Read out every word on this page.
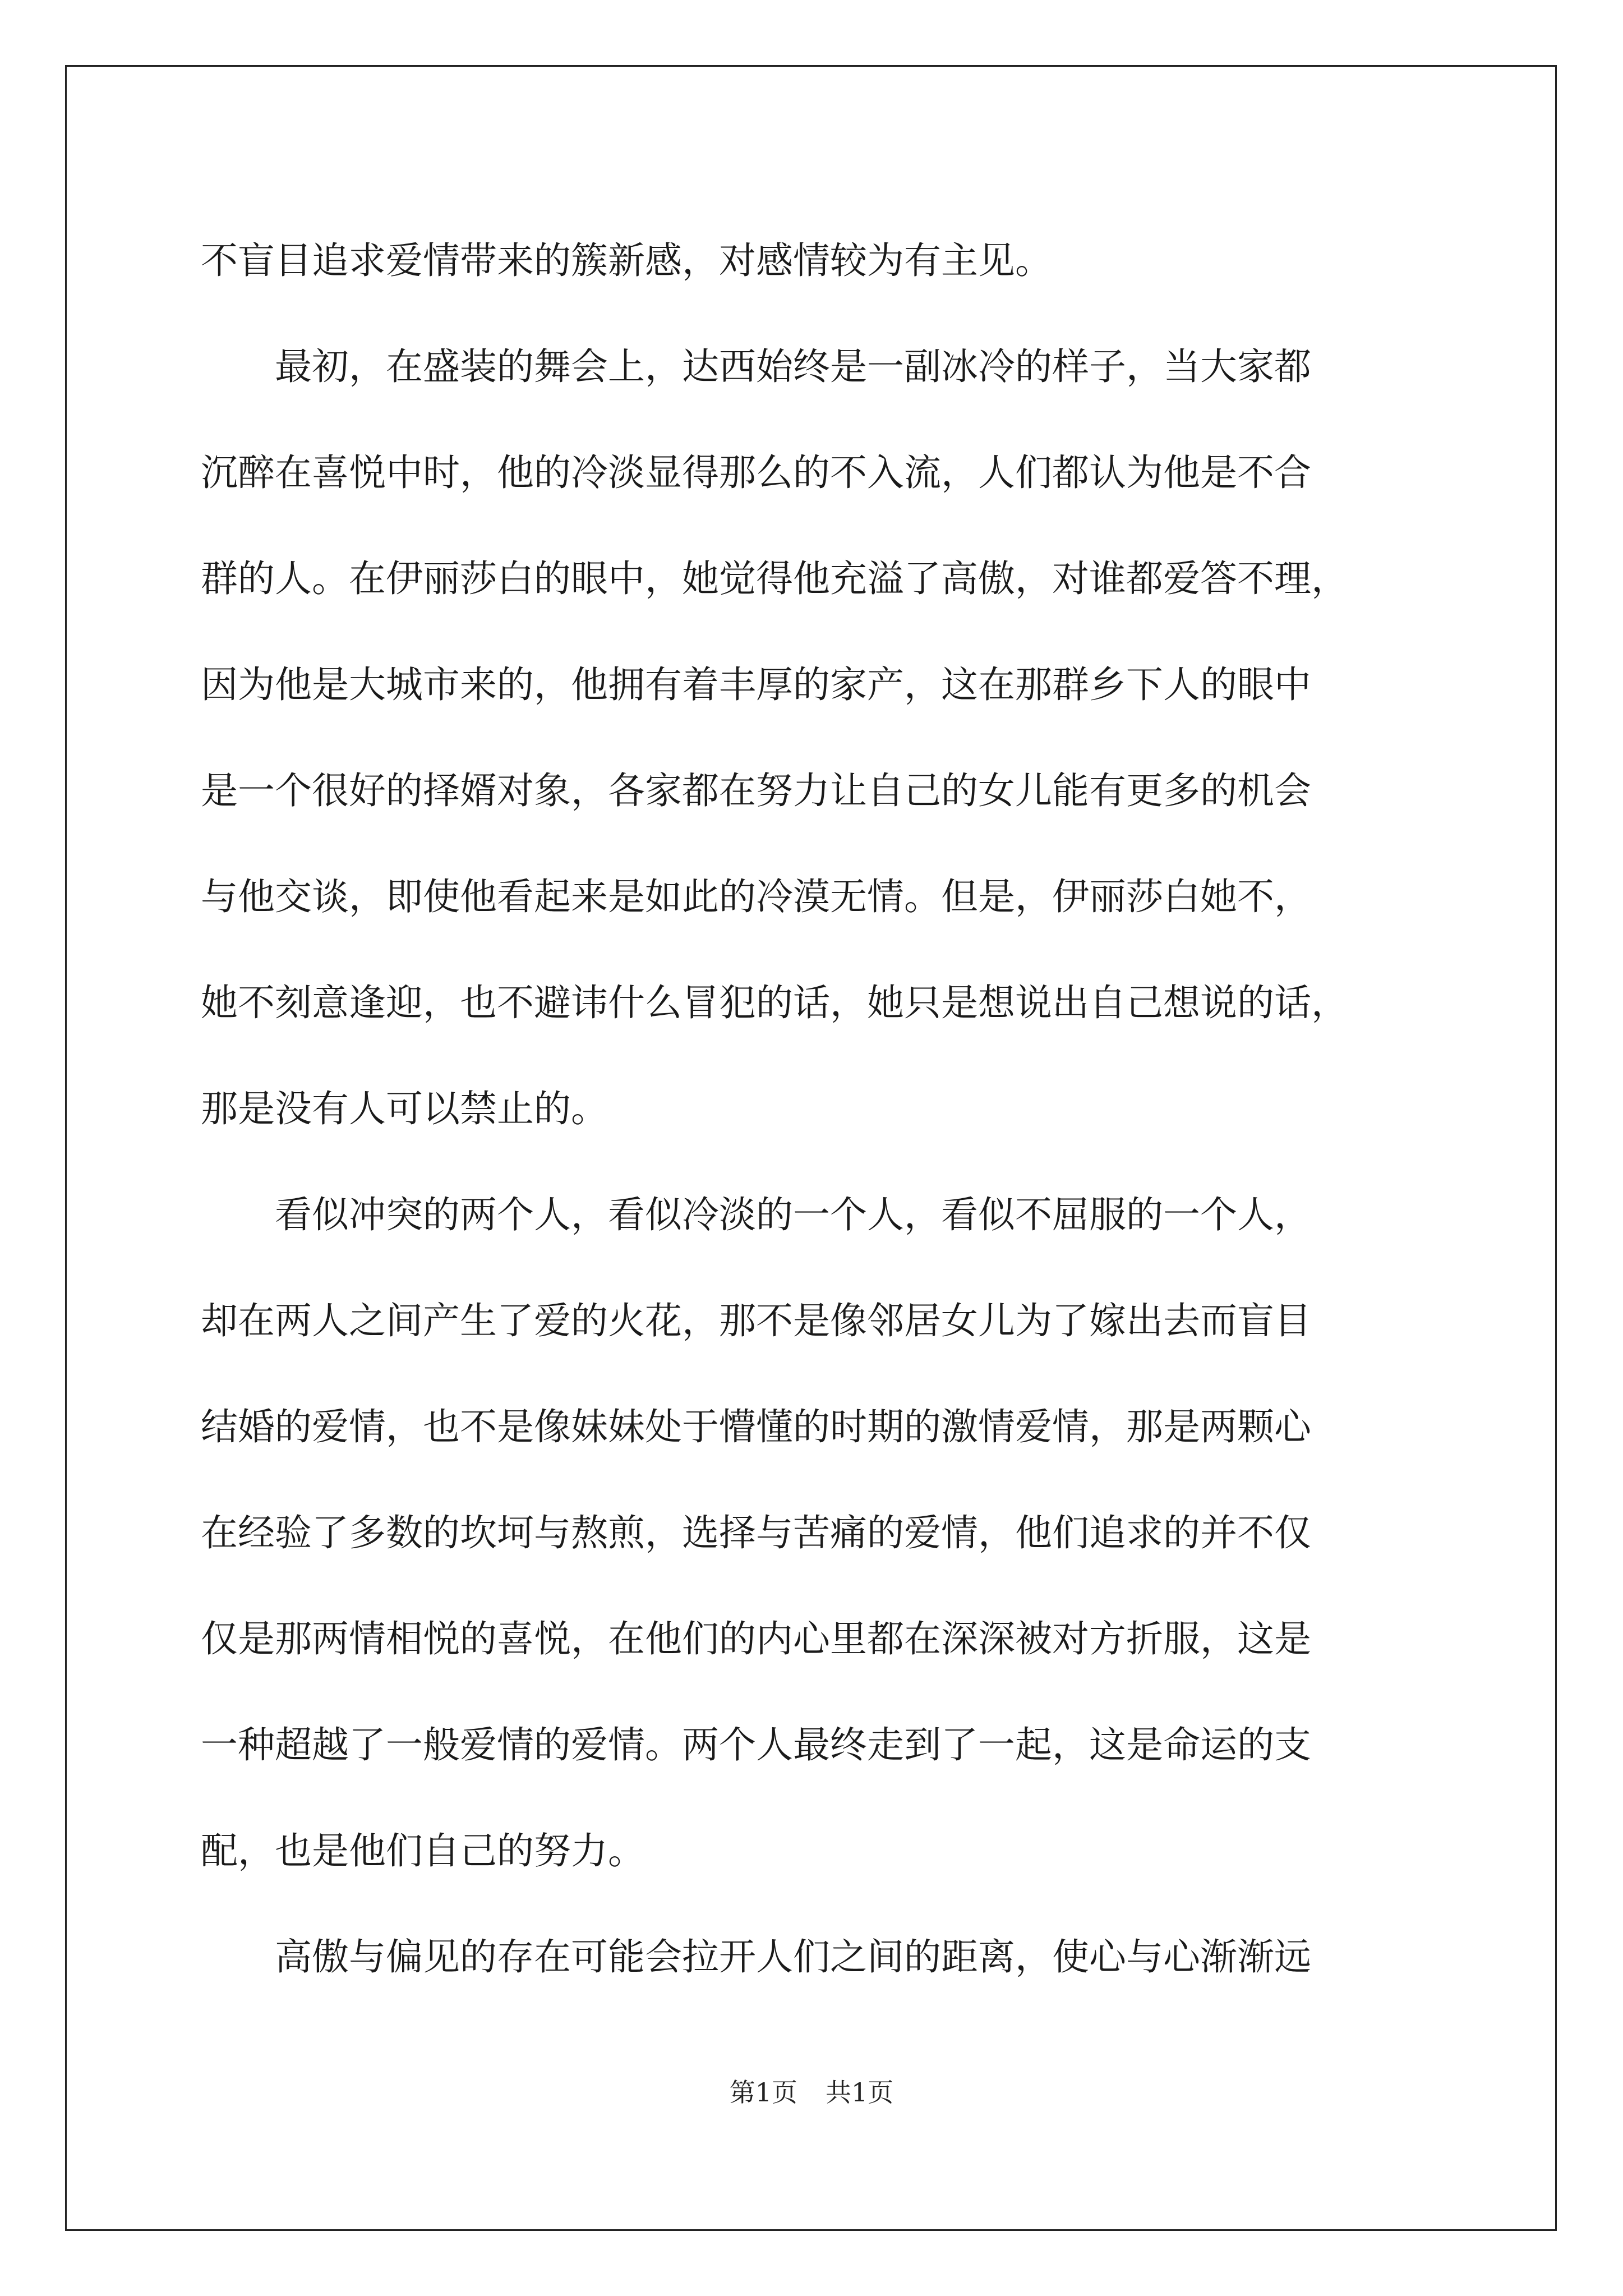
不盲目追求爱情带来的簇新感，对感情较为有主见。
　　最初，在盛装的舞会上，达西始终是一副冰冷的样子，当大家都
沉醉在喜悦中时，他的冷淡显得那么的不入流，人们都认为他是不合
群的人。在伊丽莎白的眼中，她觉得他充溢了高傲，对谁都爱答不理，
因为他是大城市来的，他拥有着丰厚的家产，这在那群乡下人的眼中
是一个很好的择婿对象，各家都在努力让自己的女儿能有更多的机会
与他交谈，即使他看起来是如此的冷漠无情。但是，伊丽莎白她不，
她不刻意逢迎，也不避讳什么冒犯的话，她只是想说出自己想说的话，
那是没有人可以禁止的。
　　看似冲突的两个人，看似冷淡的一个人，看似不屈服的一个人，
却在两人之间产生了爱的火花，那不是像邻居女儿为了嫁出去而盲目
结婚的爱情，也不是像妹妹处于懵懂的时期的激情爱情，那是两颗心
在经验了多数的坎坷与熬煎，选择与苦痛的爱情，他们追求的并不仅
仅是那两情相悦的喜悦，在他们的内心里都在深深被对方折服，这是
一种超越了一般爱情的爱情。两个人最终走到了一起，这是命运的支
配，也是他们自己的努力。
　　高傲与偏见的存在可能会拉开人们之间的距离，使心与心渐渐远
第1页 共1页
